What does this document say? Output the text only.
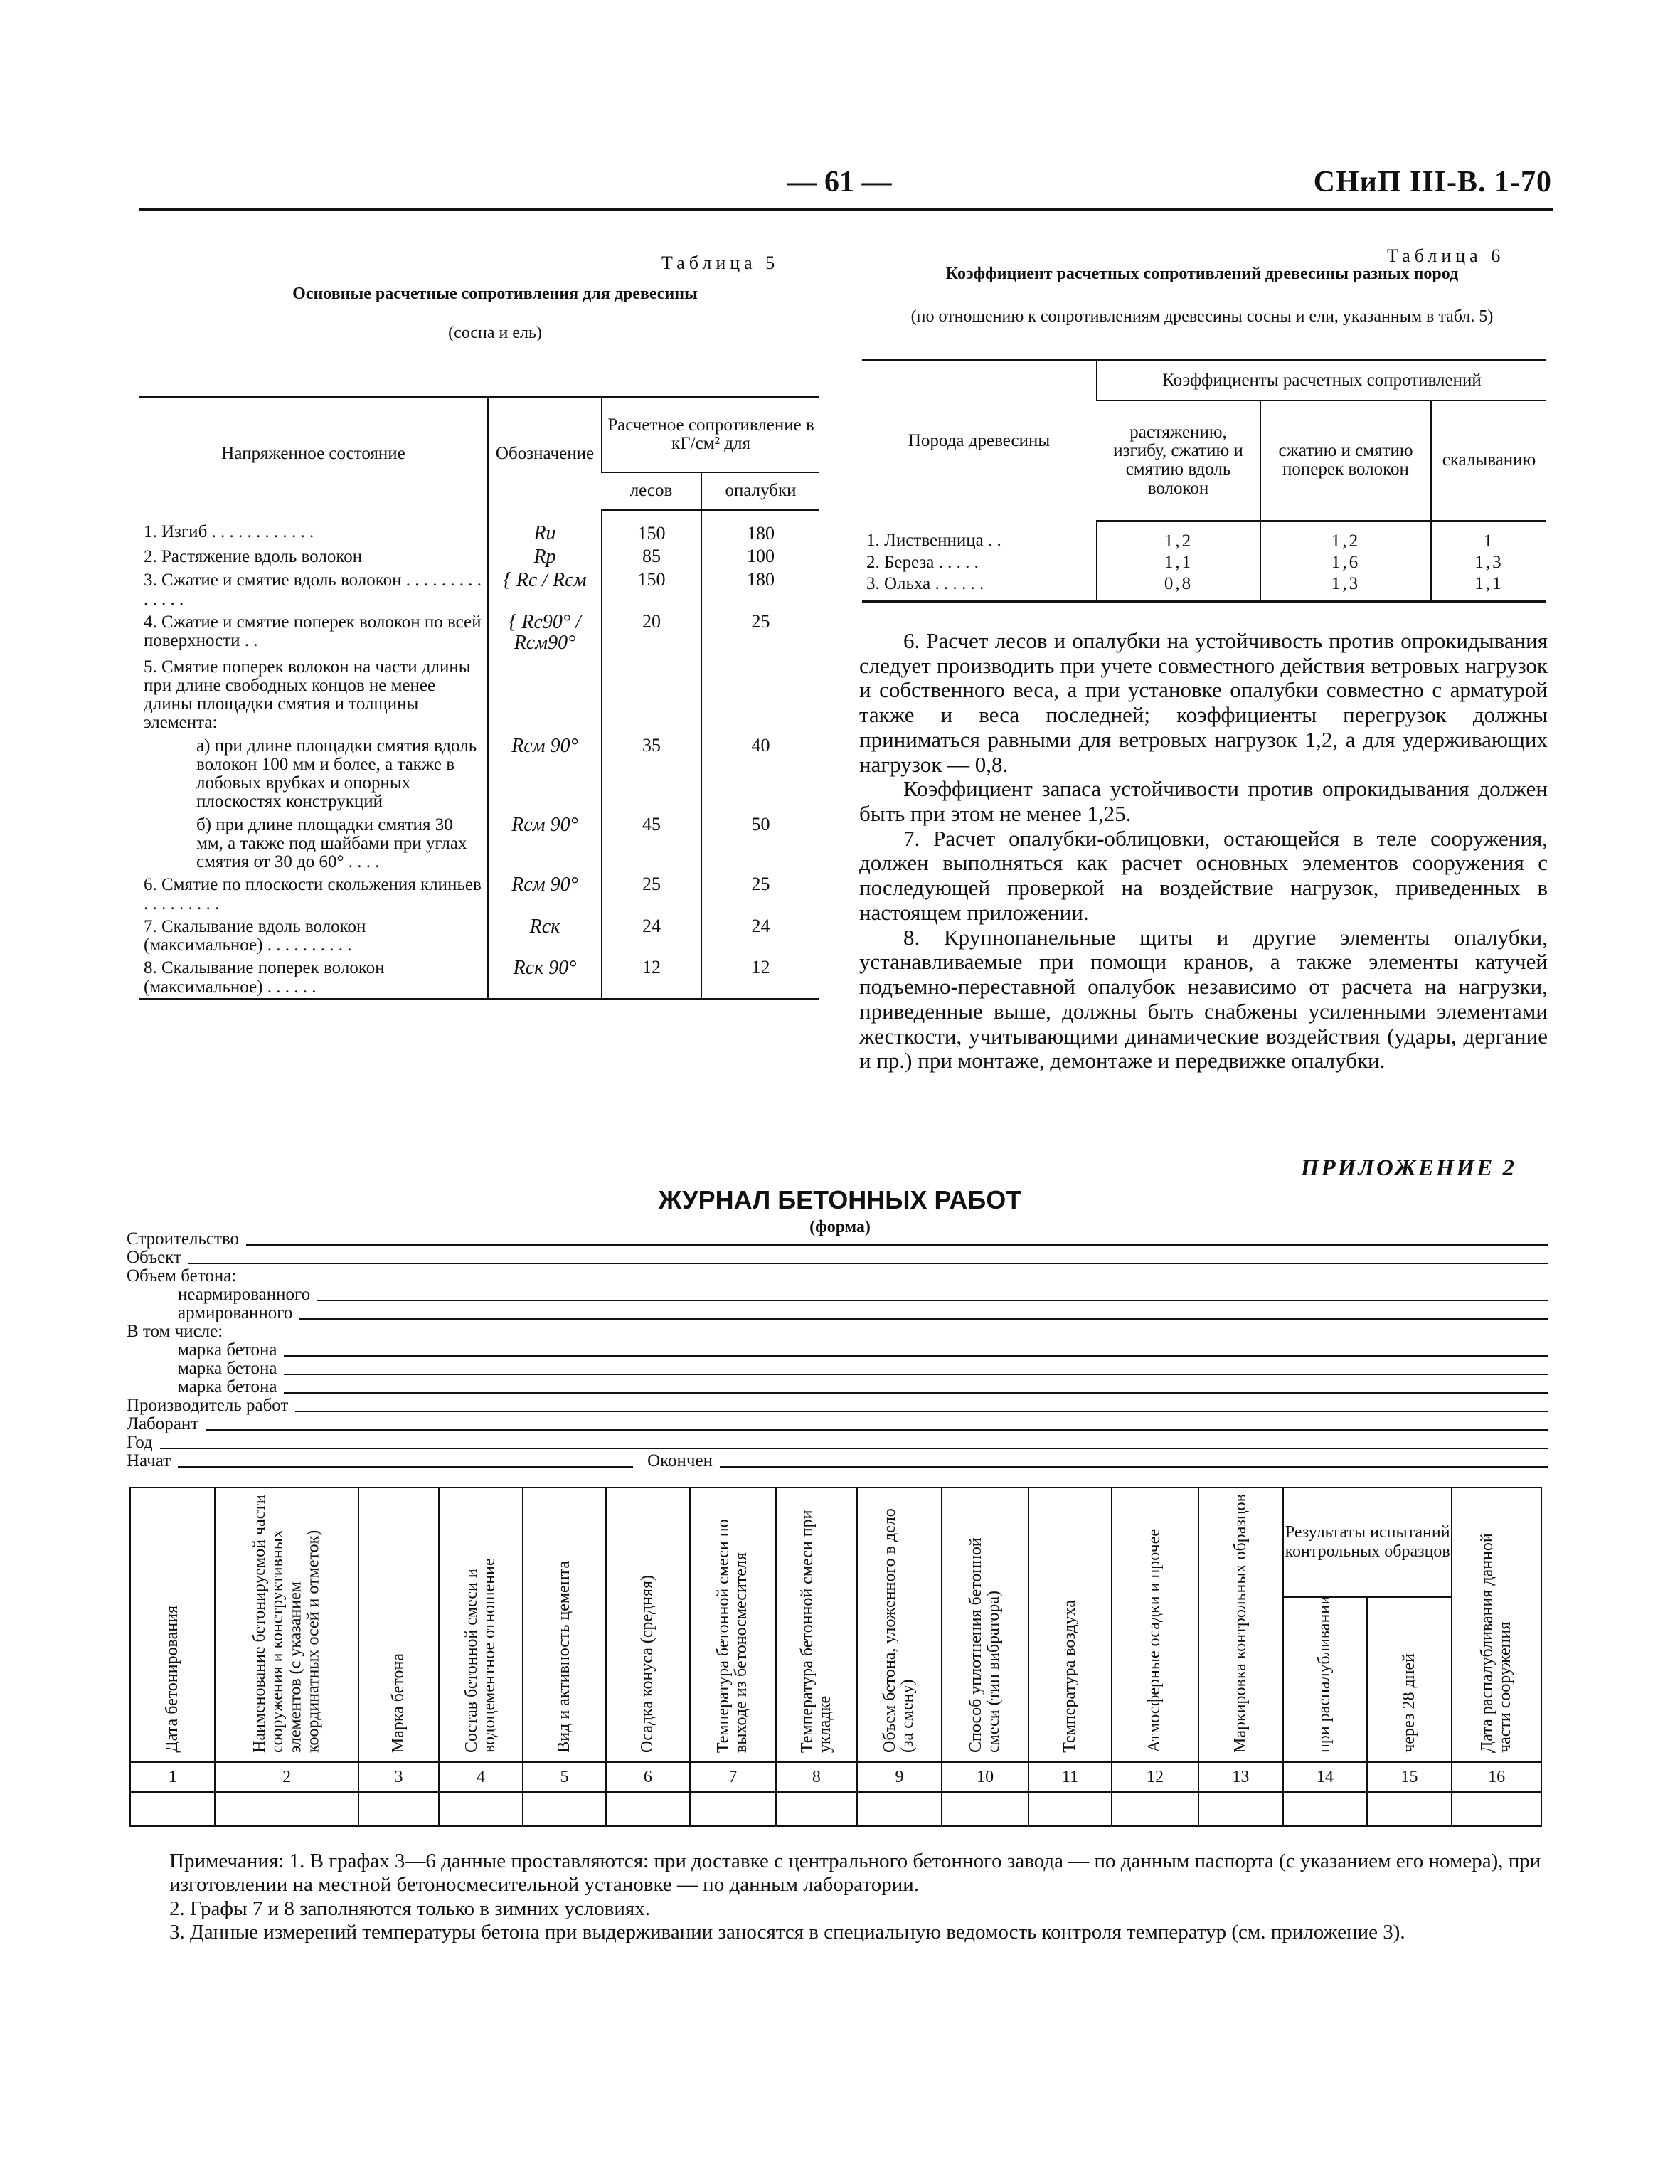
— 61 —	СНиП III-В. 1-70
Таблица 5
Основные расчетные сопротивления для древесины
(сосна и ель)
Напряженное состояние	Обозначение	Расчетное сопротивление в кГ/см² для	
		лесов	опалубки
1. Изгиб . . . . . . . . . . . .	Rи	150	180
2. Растяжение вдоль волокон	Rр	85	100
3. Сжатие и смятие вдоль волокон . . . . . . . . . . . . . .	{ Rс / Rсм	150	180
4. Сжатие и смятие поперек волокон по всей поверхности . .	{ Rс90° / Rсм90°	20	25
5. Смятие поперек волокон на части длины при длине свободных концов не менее длины площадки смятия и толщины элемента:			
а) при длине площадки смятия вдоль волокон 100 мм и более, а также в лобовых врубках и опорных плоскостях конструкций	Rсм 90°	35	40
б) при длине площадки смятия 30 мм, а также под шайбами при углах смятия от 30 до 60° . . . .	Rсм 90°	45	50
6. Смятие по плоскости скольжения клиньев . . . . . . . . .	Rсм 90°	25	25
7. Скалывание вдоль волокон (максимальное) . . . . . . . . . .	Rск	24	24
8. Скалывание поперек волокон (максимальное) . . . . . .	Rск 90°	12	12
Таблица 6
Коэффициент расчетных сопротивлений древесины разных пород
(по отношению к сопротивлениям древесины сосны и ели, указанным в табл. 5)
Порода древесины	Коэффициенты расчетных сопротивлений		
	растяжению, изгибу, сжатию и смятию вдоль волокон	сжатию и смятию поперек волокон	скалыванию
1. Лиственница . .	1,2	1,2	1
2. Береза . . . . .	1,1	1,6	1,3
3. Ольха . . . . . .	0,8	1,3	1,1

6. Расчет лесов и опалубки на устойчивость против опрокидывания следует производить при учете совместного действия ветровых нагрузок и собственного веса, а при установке опалубки совместно с арматурой также и веса последней; коэффициенты перегрузок должны приниматься равными для ветровых нагрузок 1,2, а для удерживающих нагрузок — 0,8.

Коэффициент запаса устойчивости против опрокидывания должен быть при этом не менее 1,25.

7. Расчет опалубки-облицовки, остающейся в теле сооружения, должен выполняться как расчет основных элементов сооружения с последующей проверкой на воздействие нагрузок, приведенных в настоящем приложении.

8. Крупнопанельные щиты и другие элементы опалубки, устанавливаемые при помощи кранов, а также элементы катучей подъемно-переставной опалубок независимо от расчета на нагрузки, приведенные выше, должны быть снабжены усиленными элементами жесткости, учитывающими динамические воздействия (удары, дергание и пр.) при монтаже, демонтаже и передвижке опалубки.

ПРИЛОЖЕНИЕ 2
ЖУРНАЛ БЕТОННЫХ РАБОТ
(форма)
Строительство
Объект
Объем бетона:
неармированного
армированного
В том числе:
марка бетона
марка бетона
марка бетона
Производитель работ
Лаборант
Год
Начат	Окончен
Дата бетонирования	Наименование бетонируемой части сооружения и конструктивных элементов (с указанием координатных осей и отметок)	Марка бетона	Состав бетонной смеси и водоцементное отношение	Вид и активность цемента	Осадка конуса (средняя)	Температура бетонной смеси по выходе из бетоносмесителя	Температура бетонной смеси при укладке	Объем бетона, уложенного в дело (за смену)	Способ уплотнения бетонной смеси (тип вибратора)	Температура воздуха	Атмосферные осадки и прочее	Маркировка контрольных образцов	Результаты испытаний контрольных образцов		Дата распалубливания данной части сооружения
													при распалубливании	через 28 дней	
1	2	3	4	5	6	7	8	9	10	11	12	13	14	15	16

Примечания: 1. В графах 3—6 данные проставляются: при доставке с центрального бетонного завода — по данным паспорта (с указанием его номера), при изготовлении на местной бетоносмесительной установке — по данным лаборатории.

2. Графы 7 и 8 заполняются только в зимних условиях.

3. Данные измерений температуры бетона при выдерживании заносятся в специальную ведомость контроля температур (см. приложение 3).
